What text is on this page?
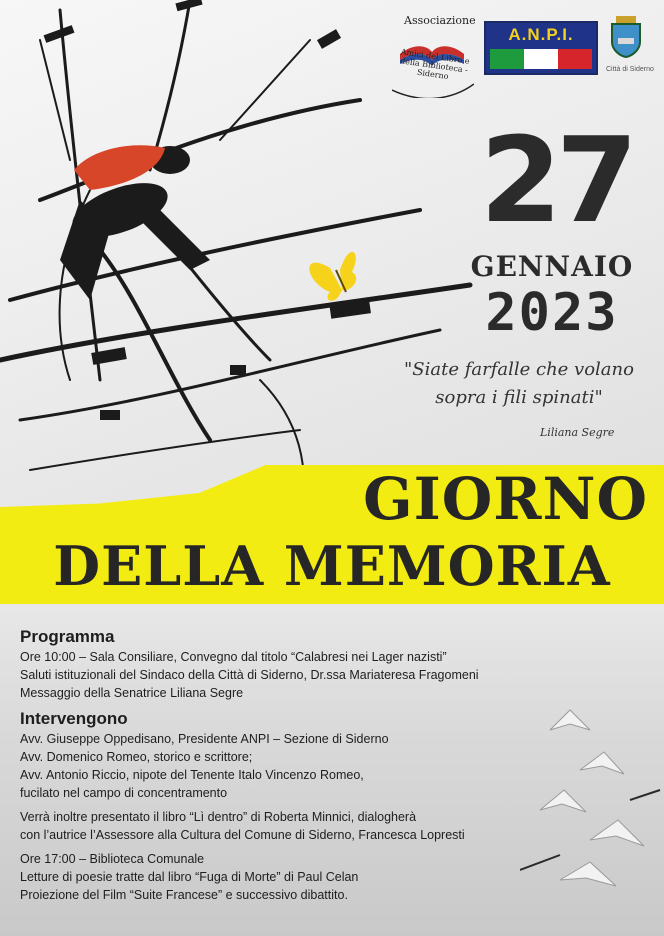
Associazione
Amici del Libro e della Biblioteca - Siderno
A.N.P.I.
Città di Siderno
27
GENNAIO
2023
"Siate farfalle che volano
sopra i fili spinati"
Liliana Segre
GIORNO
DELLA MEMORIA
Programma
Ore 10:00 – Sala Consiliare, Convegno dal titolo “Calabresi nei Lager nazisti”
Saluti istituzionali del Sindaco della Città di Siderno, Dr.ssa Mariateresa Fragomeni
Messaggio della Senatrice Liliana Segre
Intervengono
Avv. Giuseppe Oppedisano, Presidente ANPI – Sezione di Siderno
Avv. Domenico Romeo, storico e scrittore;
Avv. Antonio Riccio, nipote del Tenente Italo Vincenzo Romeo,
fucilato nel campo di concentramento
Verrà inoltre presentato il libro “Lì dentro” di Roberta Minnici, dialogherà
con l’autrice l’Assessore alla Cultura del Comune di Siderno, Francesca Lopresti
Ore 17:00 – Biblioteca Comunale
Letture di poesie tratte dal libro “Fuga di Morte” di Paul Celan
Proiezione del Film “Suite Francese” e successivo dibattito.
